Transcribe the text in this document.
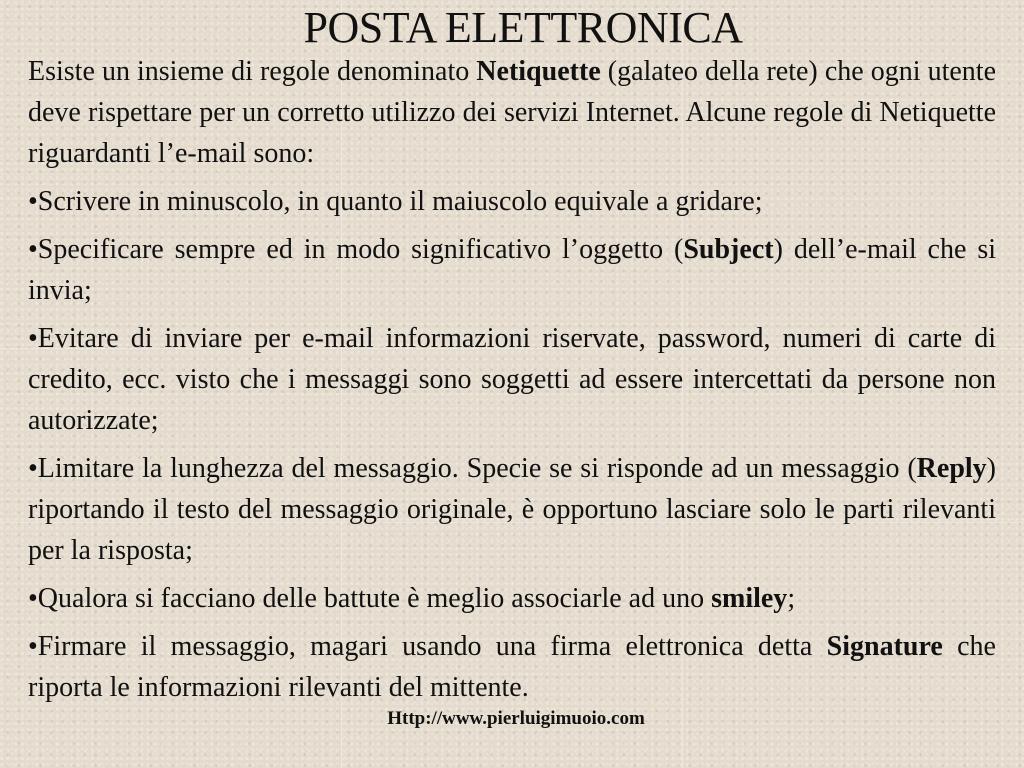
POSTA ELETTRONICA

Esiste un insieme di regole denominato Netiquette (galateo della rete) che ogni utente deve rispettare per un corretto utilizzo dei servizi Internet. Alcune regole di Netiquette riguardanti l’e-mail sono:

•Scrivere in minuscolo, in quanto il maiuscolo equivale a gridare;

•Specificare sempre ed in modo significativo l’oggetto (Subject) dell’e-mail che si invia;

•Evitare di inviare per e-mail informazioni riservate, password, numeri di carte di credito, ecc. visto che i messaggi sono soggetti ad essere intercettati da persone non autorizzate;

•Limitare la lunghezza del messaggio. Specie se si risponde ad un messaggio (Reply) riportando il testo del messaggio originale, è opportuno lasciare solo le parti rilevanti per la risposta;

•Qualora si facciano delle battute è meglio associarle ad uno smiley;

•Firmare il messaggio, magari usando una firma elettronica detta Signature che riporta le informazioni rilevanti del mittente.

Http://www.pierluigimuoio.com
